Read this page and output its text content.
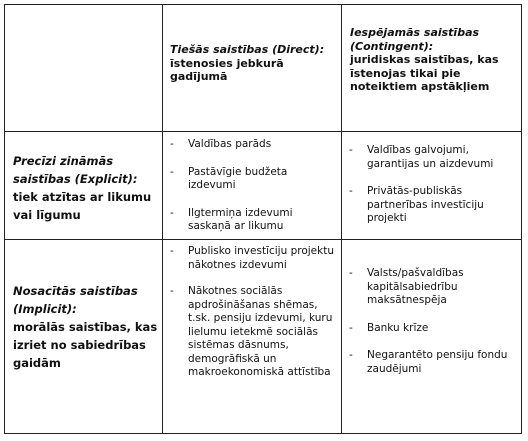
Tiešās saistības (Direct):
īstenosies jebkurā gadījumā
Iespējamās saistības (Contingent):
juridiskas saistības, kas īstenojas tikai pie noteiktiem apstākļiem
Precīzi zināmās saistības (Explicit):
tiek atzītas ar likumu vai līgumu
- Valdības parāds
- Pastāvīgie budžeta izdevumi
- Ilgtermiņa izdevumi saskaņā ar likumu
- Valdības galvojumi, garantijas un aizdevumi
- Privātās-publiskās partnerības investīciju projekti
Nosacītās saistības (Implicit):
morālās saistības, kas izriet no sabiedrības gaidām
- Publisko investīciju projektu nākotnes izdevumi
- Nākotnes sociālās apdrošināšanas shēmas, t.sk. pensiju izdevumi, kuru lielumu ietekmē sociālās sistēmas dāsnums, demogrāfiskā un makroekonomiskā attīstība
- Valsts/pašvaldības kapitālsabiedrību maksātnespēja
- Banku krīze
- Negarantēto pensiju fondu zaudējumi
